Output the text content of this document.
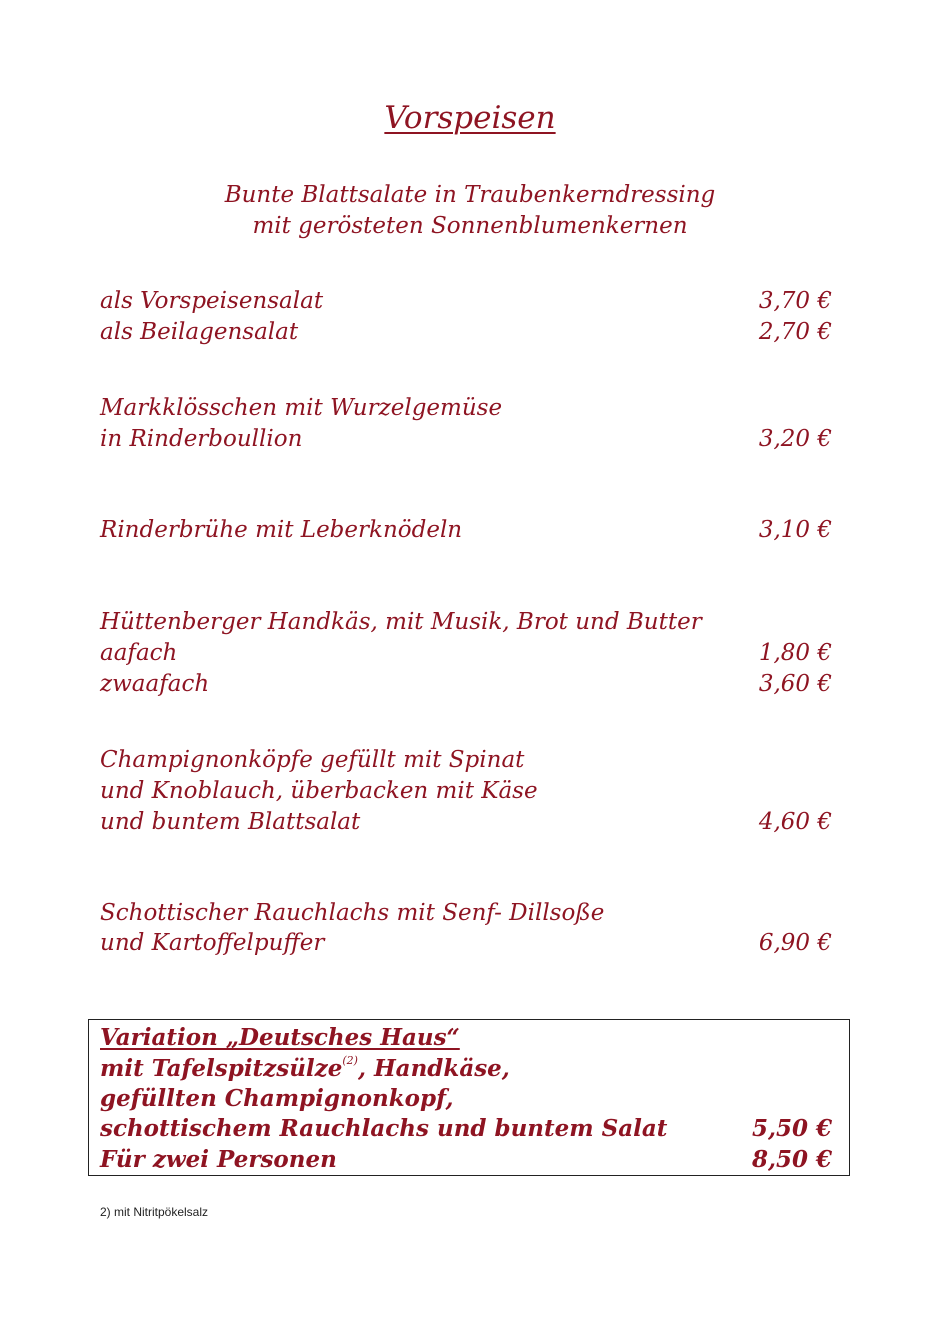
Vorspeisen
Bunte Blattsalate in Traubenkerndressing
mit gerösteten Sonnenblumenkernen
als Vorspeisensalat	3,70 €
als Beilagensalat	2,70 €
Markklösschen mit Wurzelgemüse
in Rinderboullion	3,20 €
Rinderbrühe mit Leberknödeln	3,10 €
Hüttenberger Handkäs, mit Musik, Brot und Butter
aafach	1,80 €
zwaafach	3,60 €
Champignonköpfe gefüllt mit Spinat
und Knoblauch, überbacken mit Käse
und buntem Blattsalat	4,60 €
Schottischer Rauchlachs mit Senf- Dillsoße
und Kartoffelpuffer	6,90 €
Variation „Deutsches Haus“
mit Tafelspitzsülze$^{(2)}$, Handkäse,
gefüllten Champignonkopf,
schottischem Rauchlachs und buntem Salat	5,50 €
Für zwei Personen	8,50 €
2) mit Nitritpökelsalz
